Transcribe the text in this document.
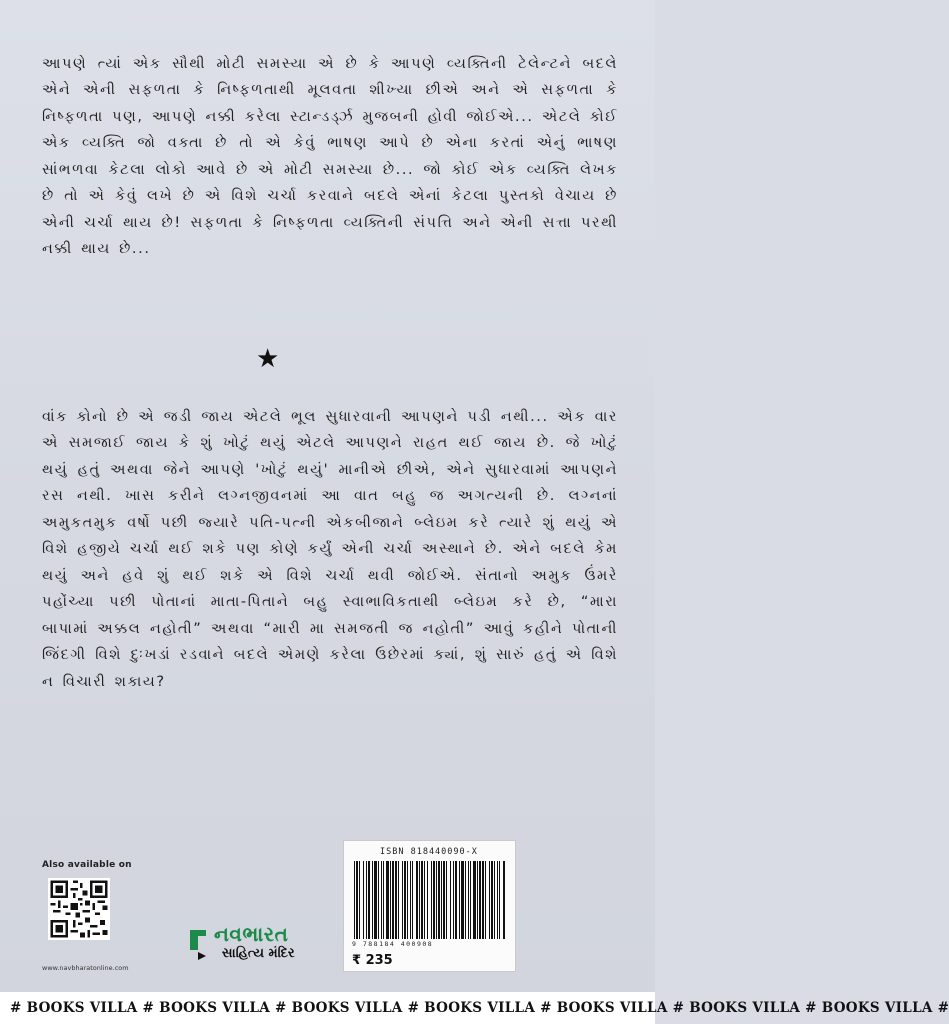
આપણે ત્યાં એક સૌથી મોટી સમસ્યા એ છે કે આપણે વ્યક્તિની ટેલેન્ટને બદલે એને એની સફળતા કે નિષ્ફળતાથી મૂલવતા શીખ્યા છીએ અને એ સફળતા કે નિષ્ફળતા પણ, આપણે નક્કી કરેલા સ્ટાન્ડર્ડ્ઝ મુજબની હોવી જોઈએ... એટલે કોઈ એક વ્યક્તિ જો વક્તા છે તો એ કેવું ભાષણ આપે છે એના કરતાં એનું ભાષણ સાંભળવા કેટલા લોકો આવે છે એ મોટી સમસ્યા છે... જો કોઈ એક વ્યક્તિ લેખક છે તો એ કેવું લખે છે એ વિશે ચર્ચા કરવાને બદલે એનાં કેટલા પુસ્તકો વેચાય છે એની ચર્ચા થાય છે! સફળતા કે નિષ્ફળતા વ્યક્તિની સંપત્તિ અને એની સત્તા પરથી નક્કી થાય છે...

★

વાંક કોનો છે એ જડી જાય એટલે ભૂલ સુધારવાની આપણને પડી નથી... એક વાર એ સમજાઈ જાય કે શું ખોટું થયું એટલે આપણને રાહત થઈ જાય છે. જે ખોટું થયું હતું અથવા જેને આપણે 'ખોટું થયું' માનીએ છીએ, એને સુધારવામાં આપણને રસ નથી. ખાસ કરીને લગ્નજીવનમાં આ વાત બહુ જ અગત્યની છે. લગ્નનાં અમુકતમુક વર્ષો પછી જ્યારે પતિ-પત્ની એકબીજાને બ્લેઇમ કરે ત્યારે શું થયું એ વિશે હજીયે ચર્ચા થઈ શકે પણ કોણે કર્યું એની ચર્ચા અસ્થાને છે. એને બદલે કેમ થયું અને હવે શું થઈ શકે એ વિશે ચર્ચા થવી જોઈએ. સંતાનો અમુક ઉંમરે પહોંચ્યા પછી પોતાનાં માતા-પિતાને બહુ સ્વાભાવિકતાથી બ્લેઇમ કરે છે, “મારા બાપામાં અક્કલ નહોતી” અથવા “મારી મા સમજતી જ નહોતી” આવું કહીને પોતાની જિંદગી વિશે દુઃખડાં રડવાને બદલે એમણે કરેલા ઉછેરમાં ક્યાં, શું સારું હતું એ વિશે ન વિચારી શકાય?

Also available on
www.navbharatonline.com
નવભારત
સાહિત્ય મંદિર
ISBN 818440090-X
9 788184 400908
₹ 235
# BOOKS VILLA # BOOKS VILLA # BOOKS VILLA # BOOKS VILLA # BOOKS VILLA # BOOKS VILLA # BOOKS VILLA #
